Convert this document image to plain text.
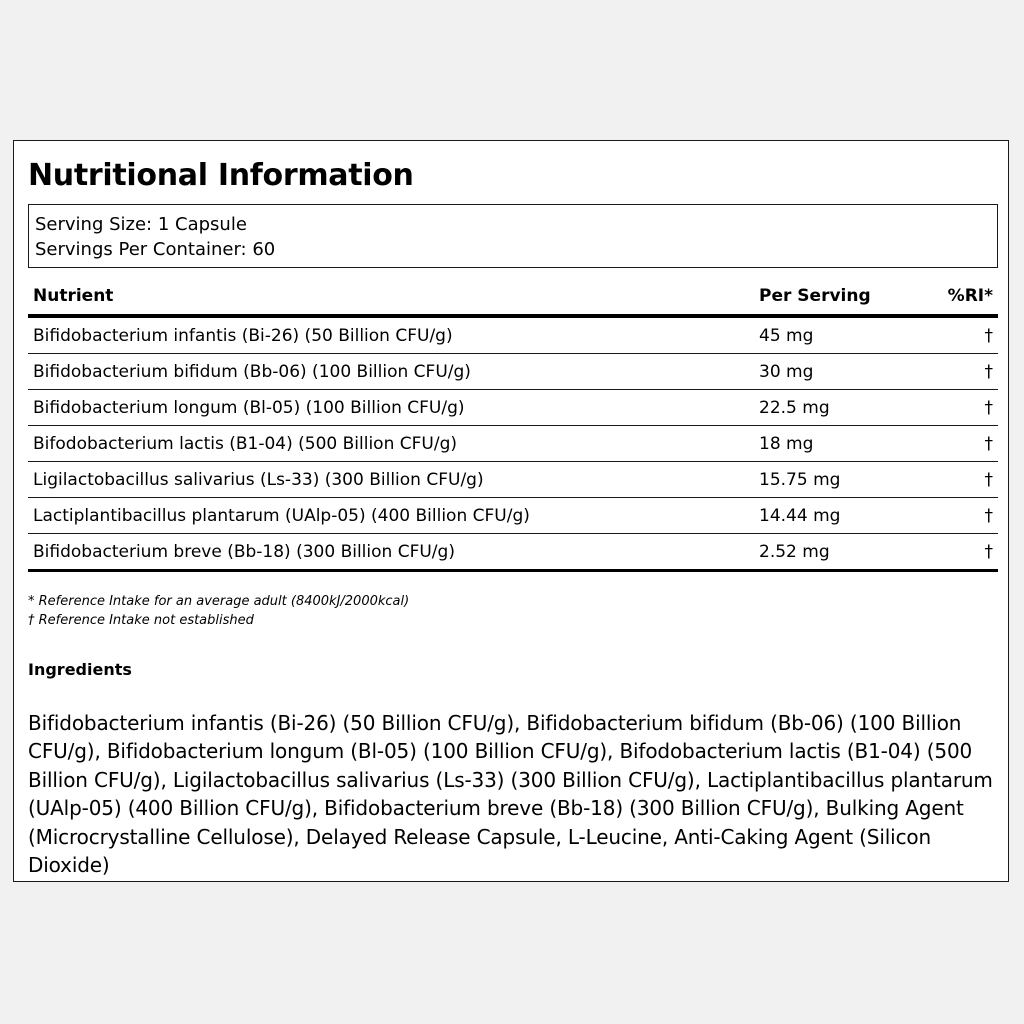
Nutritional Information
Serving Size: 1 Capsule
Servings Per Container: 60
Nutrient	Per Serving	%RI*
Bifidobacterium infantis (Bi-26) (50 Billion CFU/g)	45 mg	†
Bifidobacterium bifidum (Bb-06) (100 Billion CFU/g)	30 mg	†
Bifidobacterium longum (Bl-05) (100 Billion CFU/g)	22.5 mg	†
Bifodobacterium lactis (B1-04) (500 Billion CFU/g)	18 mg	†
Ligilactobacillus salivarius (Ls-33) (300 Billion CFU/g)	15.75 mg	†
Lactiplantibacillus plantarum (UAlp-05) (400 Billion CFU/g)	14.44 mg	†
Bifidobacterium breve (Bb-18) (300 Billion CFU/g)	2.52 mg	†
* Reference Intake for an average adult (8400kJ/2000kcal)
† Reference Intake not established
Ingredients

Bifidobacterium infantis (Bi-26) (50 Billion CFU/g), Bifidobacterium bifidum (Bb-06) (100 Billion CFU/g), Bifidobacterium longum (Bl-05) (100 Billion CFU/g), Bifodobacterium lactis (B1-04) (500 Billion CFU/g), Ligilactobacillus salivarius (Ls-33) (300 Billion CFU/g), Lactiplantibacillus plantarum (UAlp-05) (400 Billion CFU/g), Bifidobacterium breve (Bb-18) (300 Billion CFU/g), Bulking Agent (Microcrystalline Cellulose), Delayed Release Capsule, L-Leucine, Anti-Caking Agent (Silicon Dioxide)
